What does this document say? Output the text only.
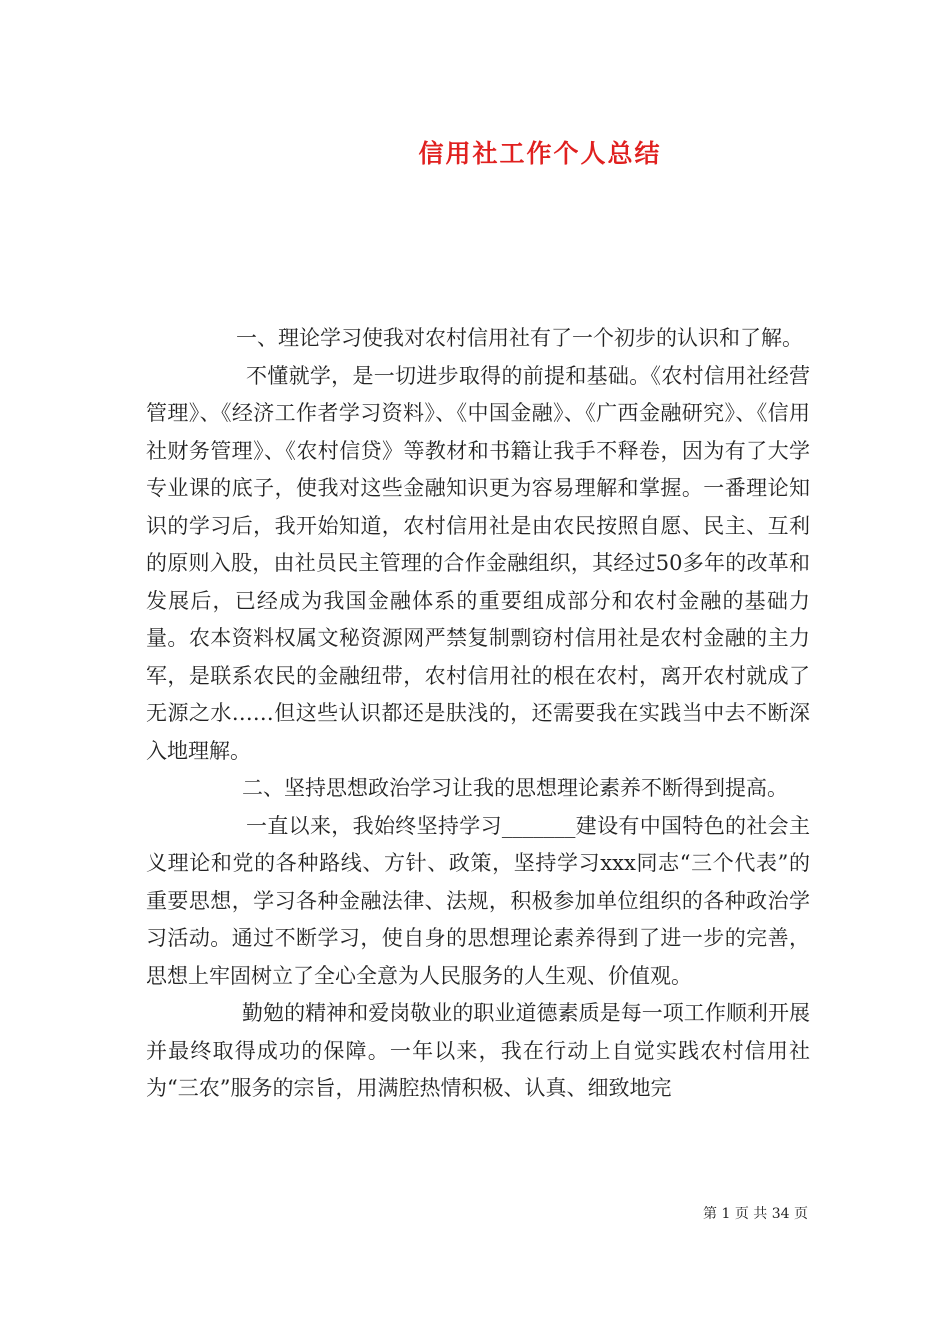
信用社工作个人总结

一、理论学习使我对农村信用社有了一个初步的认识和了解。

不懂就学，是一切进步取得的前提和基础。《农村信用社经营管理》、《经济工作者学习资料》、《中国金融》、《广西金融研究》、《信用社财务管理》、《农村信贷》等教材和书籍让我手不释卷，因为有了大学专业课的底子，使我对这些金融知识更为容易理解和掌握。一番理论知识的学习后，我开始知道，农村信用社是由农民按照自愿、民主、互利的原则入股，由社员民主管理的合作金融组织，其经过50多年的改革和发展后，已经成为我国金融体系的重要组成部分和农村金融的基础力量。农本资料权属文秘资源网严禁复制剽窃村信用社是农村金融的主力军，是联系农民的金融纽带，农村信用社的根在农村，离开农村就成了无源之水……但这些认识都还是肤浅的，还需要我在实践当中去不断深入地理解。

二、坚持思想政治学习让我的思想理论素养不断得到提高。

一直以来，我始终坚持学习_______建设有中国特色的社会主义理论和党的各种路线、方针、政策，坚持学习xxx同志“三个代表”的重要思想，学习各种金融法律、法规，积极参加单位组织的各种政治学习活动。通过不断学习，使自身的思想理论素养得到了进一步的完善，思想上牢固树立了全心全意为人民服务的人生观、价值观。

勤勉的精神和爱岗敬业的职业道德素质是每一项工作顺利开展并最终取得成功的保障。一年以来，我在行动上自觉实践农村信用社为“三农”服务的宗旨，用满腔热情积极、认真、细致地完

第 1 页 共 34 页
